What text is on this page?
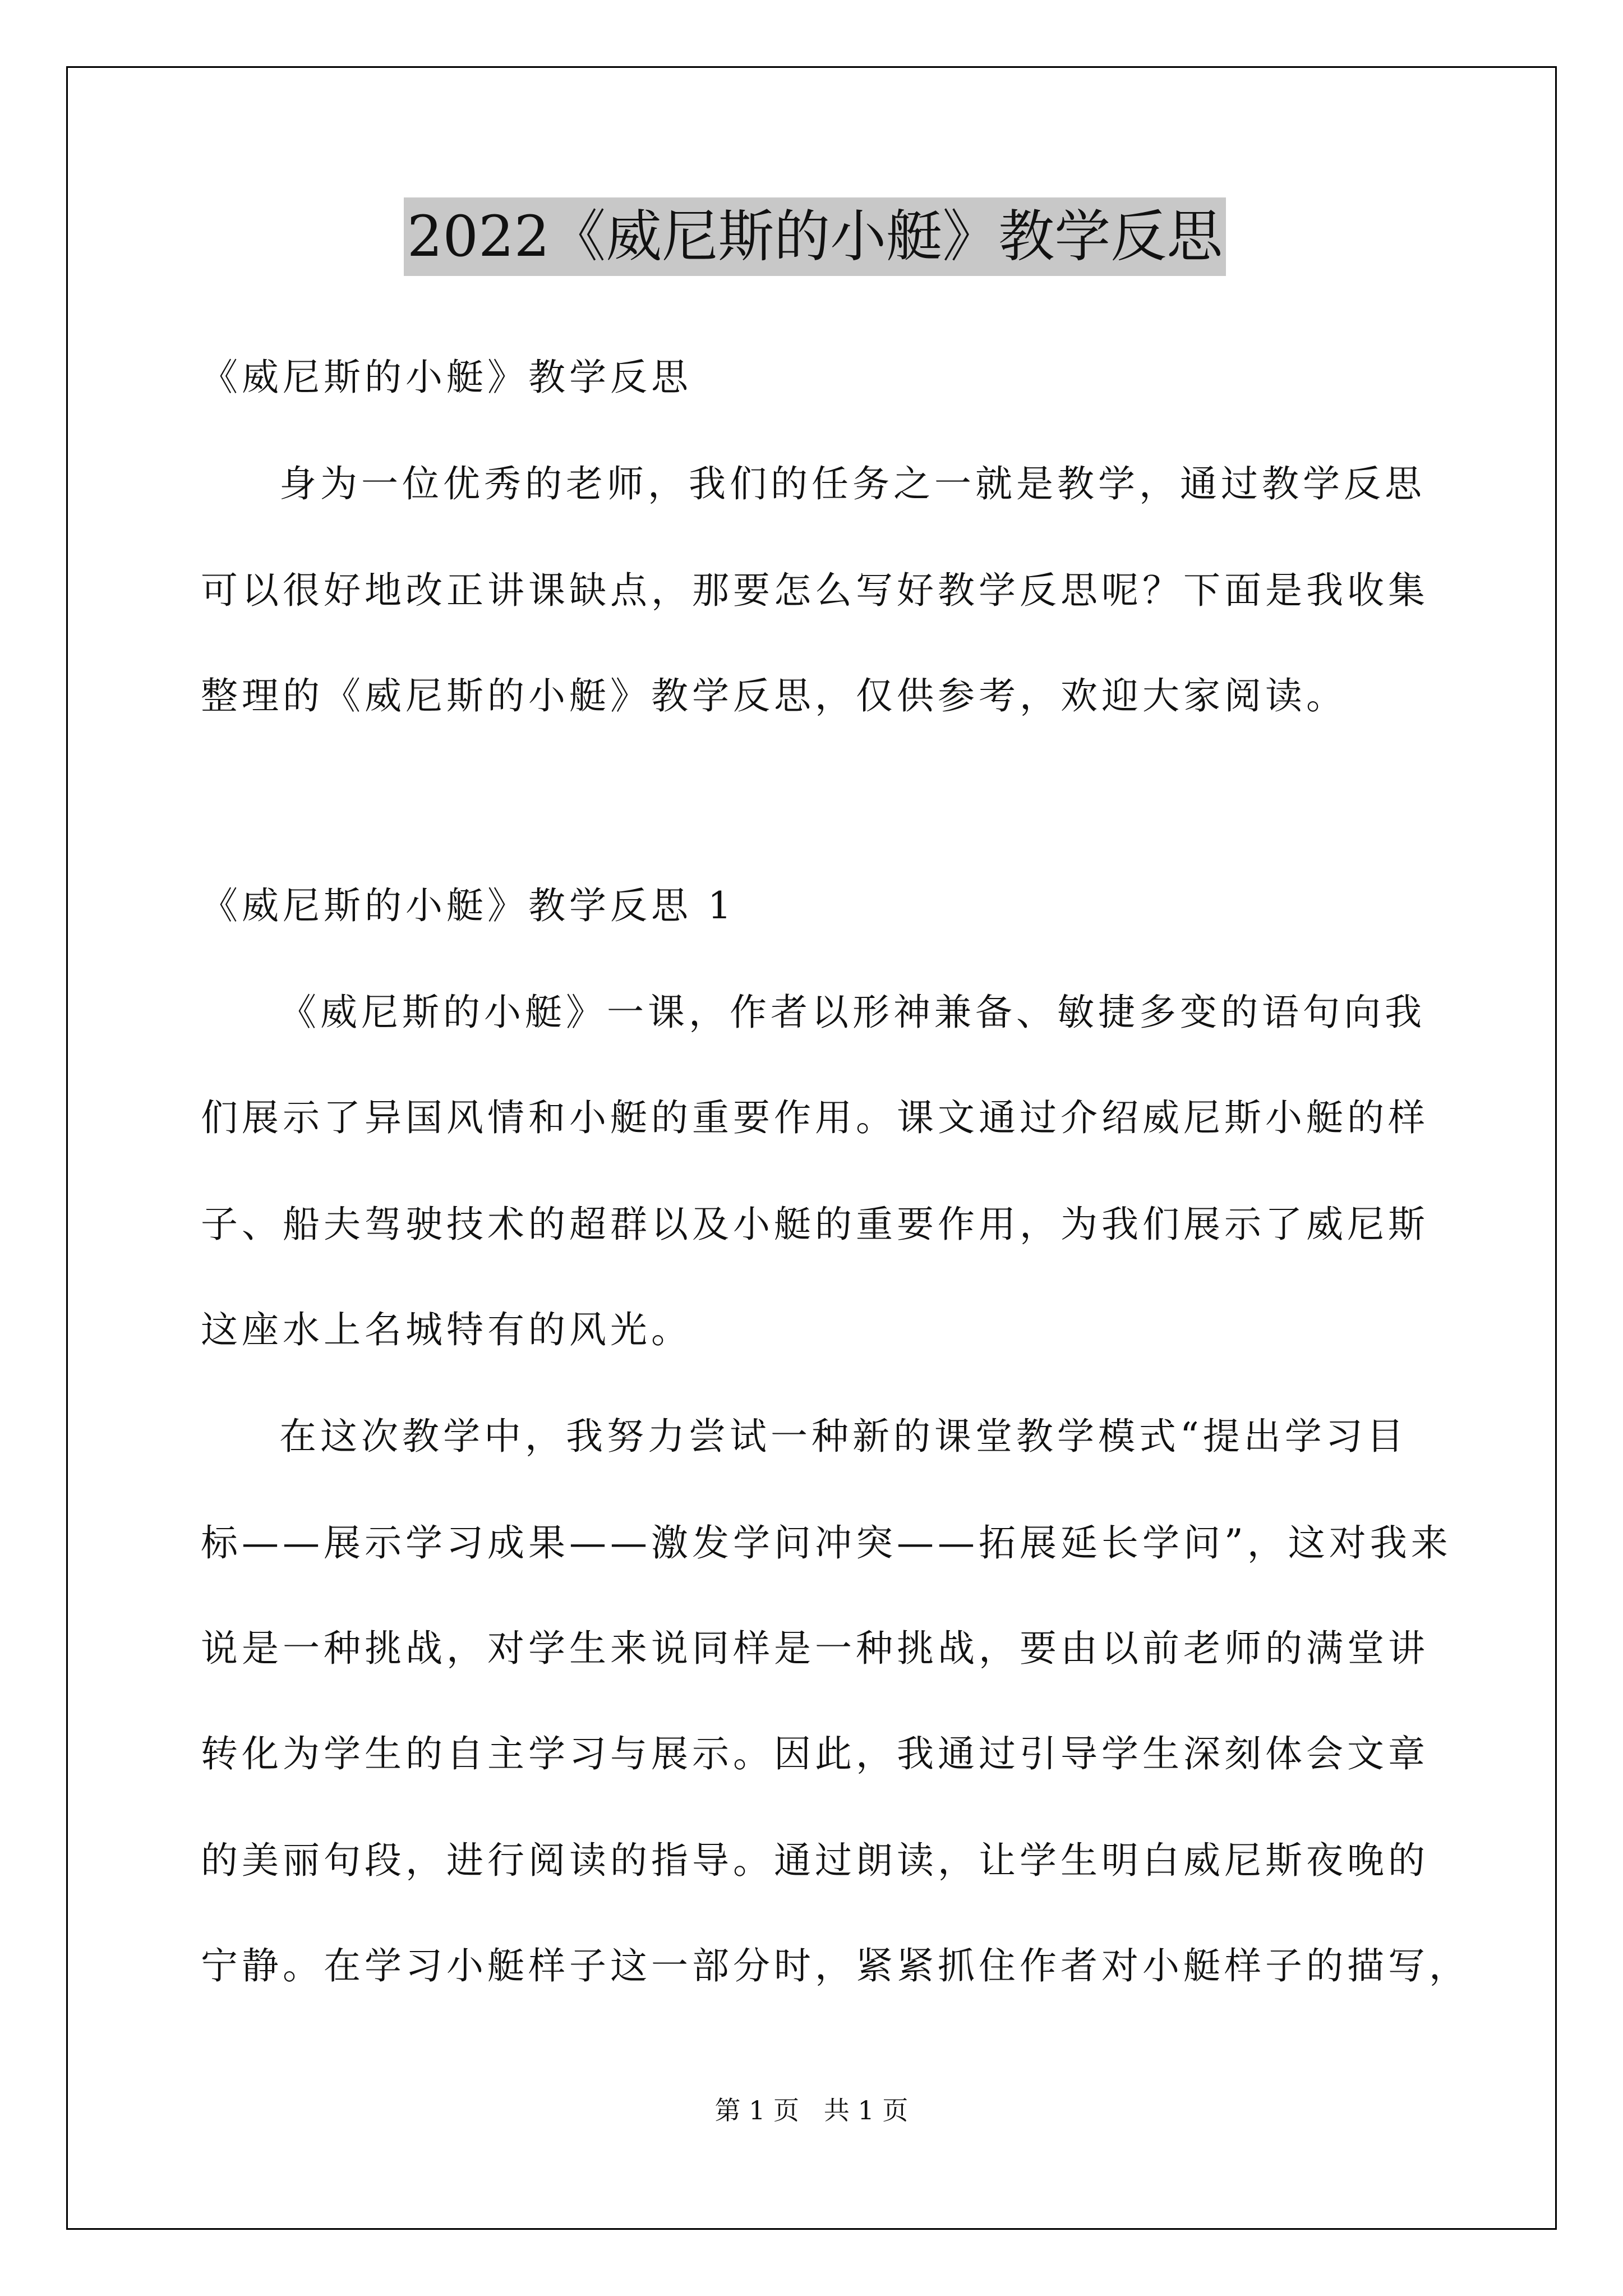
2022《威尼斯的小艇》教学反思
《威尼斯的小艇》教学反思
身为一位优秀的老师，我们的任务之一就是教学，通过教学反思
可以很好地改正讲课缺点，那要怎么写好教学反思呢？下面是我收集
整理的《威尼斯的小艇》教学反思，仅供参考，欢迎大家阅读。
《威尼斯的小艇》教学反思 1
《威尼斯的小艇》一课，作者以形神兼备、敏捷多变的语句向我
们展示了异国风情和小艇的重要作用。课文通过介绍威尼斯小艇的样
子、船夫驾驶技术的超群以及小艇的重要作用，为我们展示了威尼斯
这座水上名城特有的风光。
在这次教学中，我努力尝试一种新的课堂教学模式“提出学习目
标——展示学习成果——激发学问冲突——拓展延长学问”，这对我来
说是一种挑战，对学生来说同样是一种挑战，要由以前老师的满堂讲
转化为学生的自主学习与展示。因此，我通过引导学生深刻体会文章
的美丽句段，进行阅读的指导。通过朗读，让学生明白威尼斯夜晚的
宁静。在学习小艇样子这一部分时，紧紧抓住作者对小艇样子的描写，
第 1 页   共 1 页
